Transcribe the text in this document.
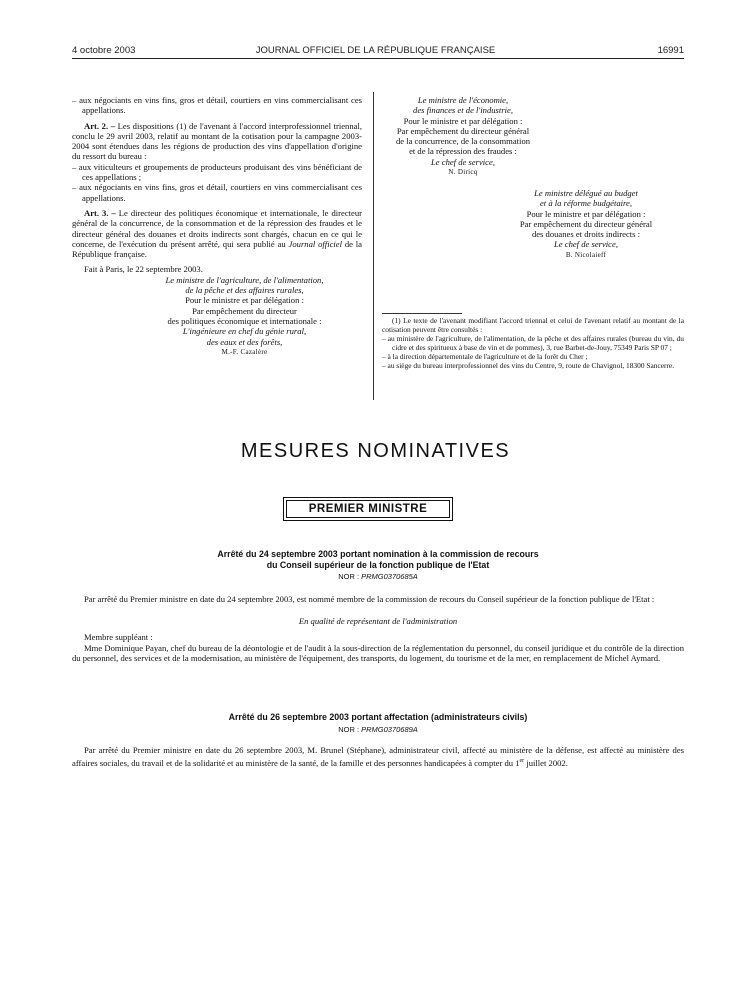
4 octobre 2003	JOURNAL OFFICIEL DE LA RÉPUBLIQUE FRANÇAISE	16991

– aux négociants en vins fins, gros et détail, courtiers en vins commercialisant ces appellations.

Art. 2. – Les dispositions (1) de l'avenant à l'accord interprofessionnel triennal, conclu le 29 avril 2003, relatif au montant de la cotisation pour la campagne 2003-2004 sont étendues dans les régions de production des vins d'appellation d'origine du ressort du bureau :

– aux viticulteurs et groupements de producteurs produisant des vins bénéficiant de ces appellations ;

– aux négociants en vins fins, gros et détail, courtiers en vins commercialisant ces appellations.

Art. 3. – Le directeur des politiques économique et internationale, le directeur général de la concurrence, de la consommation et de la répression des fraudes et le directeur général des douanes et droits indirects sont chargés, chacun en ce qui le concerne, de l'exécution du présent arrêté, qui sera publié au Journal officiel de la République française.

Fait à Paris, le 22 septembre 2003.

Le ministre de l'agriculture, de l'alimentation,

de la pêche et des affaires rurales,

Pour le ministre et par délégation :

Par empêchement du directeur

des politiques économique et internationale :

L'ingénieure en chef du génie rural,

des eaux et des forêts,

M.-F. Cazalère

Le ministre de l'économie,

des finances et de l'industrie,

Pour le ministre et par délégation :

Par empêchement du directeur général

de la concurrence, de la consommation

et de la répression des fraudes :

Le chef de service,

N. Diricq

Le ministre délégué au budget

et à la réforme budgétaire,

Pour le ministre et par délégation :

Par empêchement du directeur général

des douanes et droits indirects :

Le chef de service,

B. Nicolaieff

(1) Le texte de l'avenant modifiant l'accord triennal et celui de l'avenant relatif au montant de la cotisation peuvent être consultés :

– au ministère de l'agriculture, de l'alimentation, de la pêche et des affaires rurales (bureau du vin, du cidre et des spiritueux à base de vin et de pommes), 3, rue Barbet-de-Jouy, 75349 Paris SP 07 ;

– à la direction départementale de l'agriculture et de la forêt du Cher ;

– au siège du bureau interprofessionnel des vins du Centre, 9, route de Chavignol, 18300 Sancerre.

MESURES NOMINATIVES
PREMIER MINISTRE
Arrêté du 24 septembre 2003 portant nomination à la commission de recours
du Conseil supérieur de la fonction publique de l'Etat
NOR : PRMG0370685A

Par arrêté du Premier ministre en date du 24 septembre 2003, est nommé membre de la commission de recours du Conseil supérieur de la fonction publique de l'Etat :

En qualité de représentant de l'administration

Membre suppléant :

Mme Dominique Payan, chef du bureau de la déontologie et de l'audit à la sous-direction de la réglementation du personnel, du conseil juridique et du contrôle de la direction du personnel, des services et de la modernisation, au ministère de l'équipement, des transports, du logement, du tourisme et de la mer, en remplacement de Michel Aymard.

Arrêté du 26 septembre 2003 portant affectation (administrateurs civils)
NOR : PRMG0370689A

Par arrêté du Premier ministre en date du 26 septembre 2003, M. Brunel (Stéphane), administrateur civil, affecté au ministère de la défense, est affecté au ministère des affaires sociales, du travail et de la solidarité et au ministère de la santé, de la famille et des personnes handicapées à compter du 1er juillet 2002.
